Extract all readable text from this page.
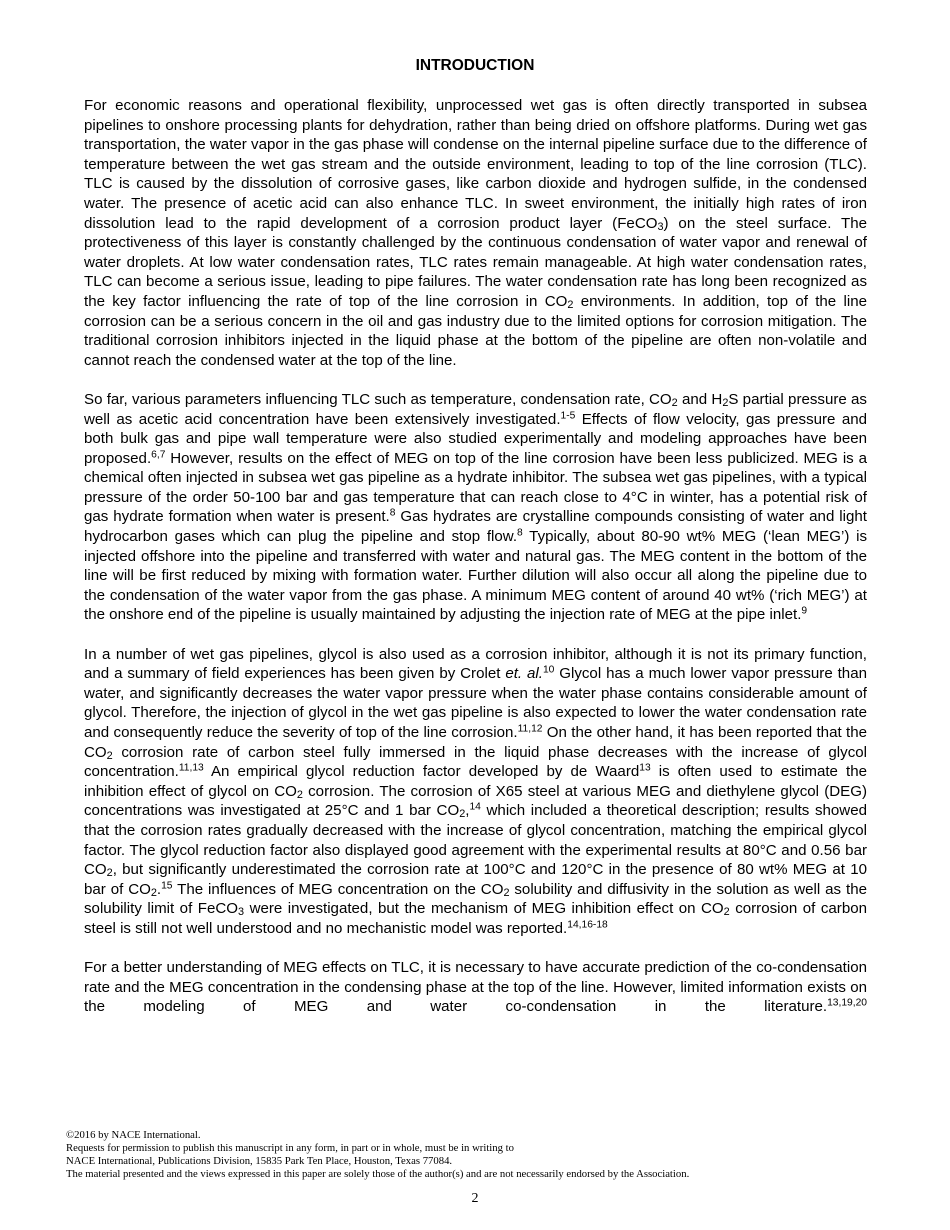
INTRODUCTION

For economic reasons and operational flexibility, unprocessed wet gas is often directly transported in subsea pipelines to onshore processing plants for dehydration, rather than being dried on offshore platforms. During wet gas transportation, the water vapor in the gas phase will condense on the internal pipeline surface due to the difference of temperature between the wet gas stream and the outside environment, leading to top of the line corrosion (TLC). TLC is caused by the dissolution of corrosive gases, like carbon dioxide and hydrogen sulfide, in the condensed water. The presence of acetic acid can also enhance TLC. In sweet environment, the initially high rates of iron dissolution lead to the rapid development of a corrosion product layer (FeCO$_3$) on the steel surface. The protectiveness of this layer is constantly challenged by the continuous condensation of water vapor and renewal of water droplets. At low water condensation rates, TLC rates remain manageable. At high water condensation rates, TLC can become a serious issue, leading to pipe failures. The water condensation rate has long been recognized as the key factor influencing the rate of top of the line corrosion in $CO_2$ environments. In addition, top of the line corrosion can be a serious concern in the oil and gas industry due to the limited options for corrosion mitigation. The traditional corrosion inhibitors injected in the liquid phase at the bottom of the pipeline are often non-volatile and cannot reach the condensed water at the top of the line.

So far, various parameters influencing TLC such as temperature, condensation rate, $CO_2$ and $H_2S$ partial pressure as well as acetic acid concentration have been extensively investigated.$^{1-5}$ Effects of flow velocity, gas pressure and both bulk gas and pipe wall temperature were also studied experimentally and modeling approaches have been proposed.$^{6,7}$ However, results on the effect of MEG on top of the line corrosion have been less publicized. MEG is a chemical often injected in subsea wet gas pipeline as a hydrate inhibitor. The subsea wet gas pipelines, with a typical pressure of the order 50-100 bar and gas temperature that can reach close to 4°C in winter, has a potential risk of gas hydrate formation when water is present.$^8$ Gas hydrates are crystalline compounds consisting of water and light hydrocarbon gases which can plug the pipeline and stop flow.$^8$ Typically, about 80-90 wt% MEG (‘lean MEG’) is injected offshore into the pipeline and transferred with water and natural gas. The MEG content in the bottom of the line will be first reduced by mixing with formation water. Further dilution will also occur all along the pipeline due to the condensation of the water vapor from the gas phase. A minimum MEG content of around 40 wt% (‘rich MEG’) at the onshore end of the pipeline is usually maintained by adjusting the injection rate of MEG at the pipe inlet.$^9$

In a number of wet gas pipelines, glycol is also used as a corrosion inhibitor, although it is not its primary function, and a summary of field experiences has been given by Crolet et. al.$^{10}$ Glycol has a much lower vapor pressure than water, and significantly decreases the water vapor pressure when the water phase contains considerable amount of glycol. Therefore, the injection of glycol in the wet gas pipeline is also expected to lower the water condensation rate and consequently reduce the severity of top of the line corrosion.$^{11,12}$ On the other hand, it has been reported that the $CO_2$ corrosion rate of carbon steel fully immersed in the liquid phase decreases with the increase of glycol concentration.$^{11,13}$ An empirical glycol reduction factor developed by de Waard$^{13}$ is often used to estimate the inhibition effect of glycol on $CO_2$ corrosion. The corrosion of X65 steel at various MEG and diethylene glycol (DEG) concentrations was investigated at 25°C and 1 bar $CO_2,^{14}$ which included a theoretical description; results showed that the corrosion rates gradually decreased with the increase of glycol concentration, matching the empirical glycol factor. The glycol reduction factor also displayed good agreement with the experimental results at 80°C and 0.56 bar $CO_2$, but significantly underestimated the corrosion rate at 100°C and 120°C in the presence of 80 wt% MEG at 10 bar of $CO_2.^{15}$ The influences of MEG concentration on the $CO_2$ solubility and diffusivity in the solution as well as the solubility limit of FeCO$_3$ were investigated, but the mechanism of MEG inhibition effect on $CO_2$ corrosion of carbon steel is still not well understood and no mechanistic model was reported.$^{14,16-18}$

For a better understanding of MEG effects on TLC, it is necessary to have accurate prediction of the co-condensation rate and the MEG concentration in the condensing phase at the top of the line. However, limited information exists on the modeling of MEG and water co-condensation in the literature.$^{13,19,20}$

©2016 by NACE International.
Requests for permission to publish this manuscript in any form, in part or in whole, must be in writing to
NACE International, Publications Division, 15835 Park Ten Place, Houston, Texas 77084.
The material presented and the views expressed in this paper are solely those of the author(s) and are not necessarily endorsed by the Association.
2
